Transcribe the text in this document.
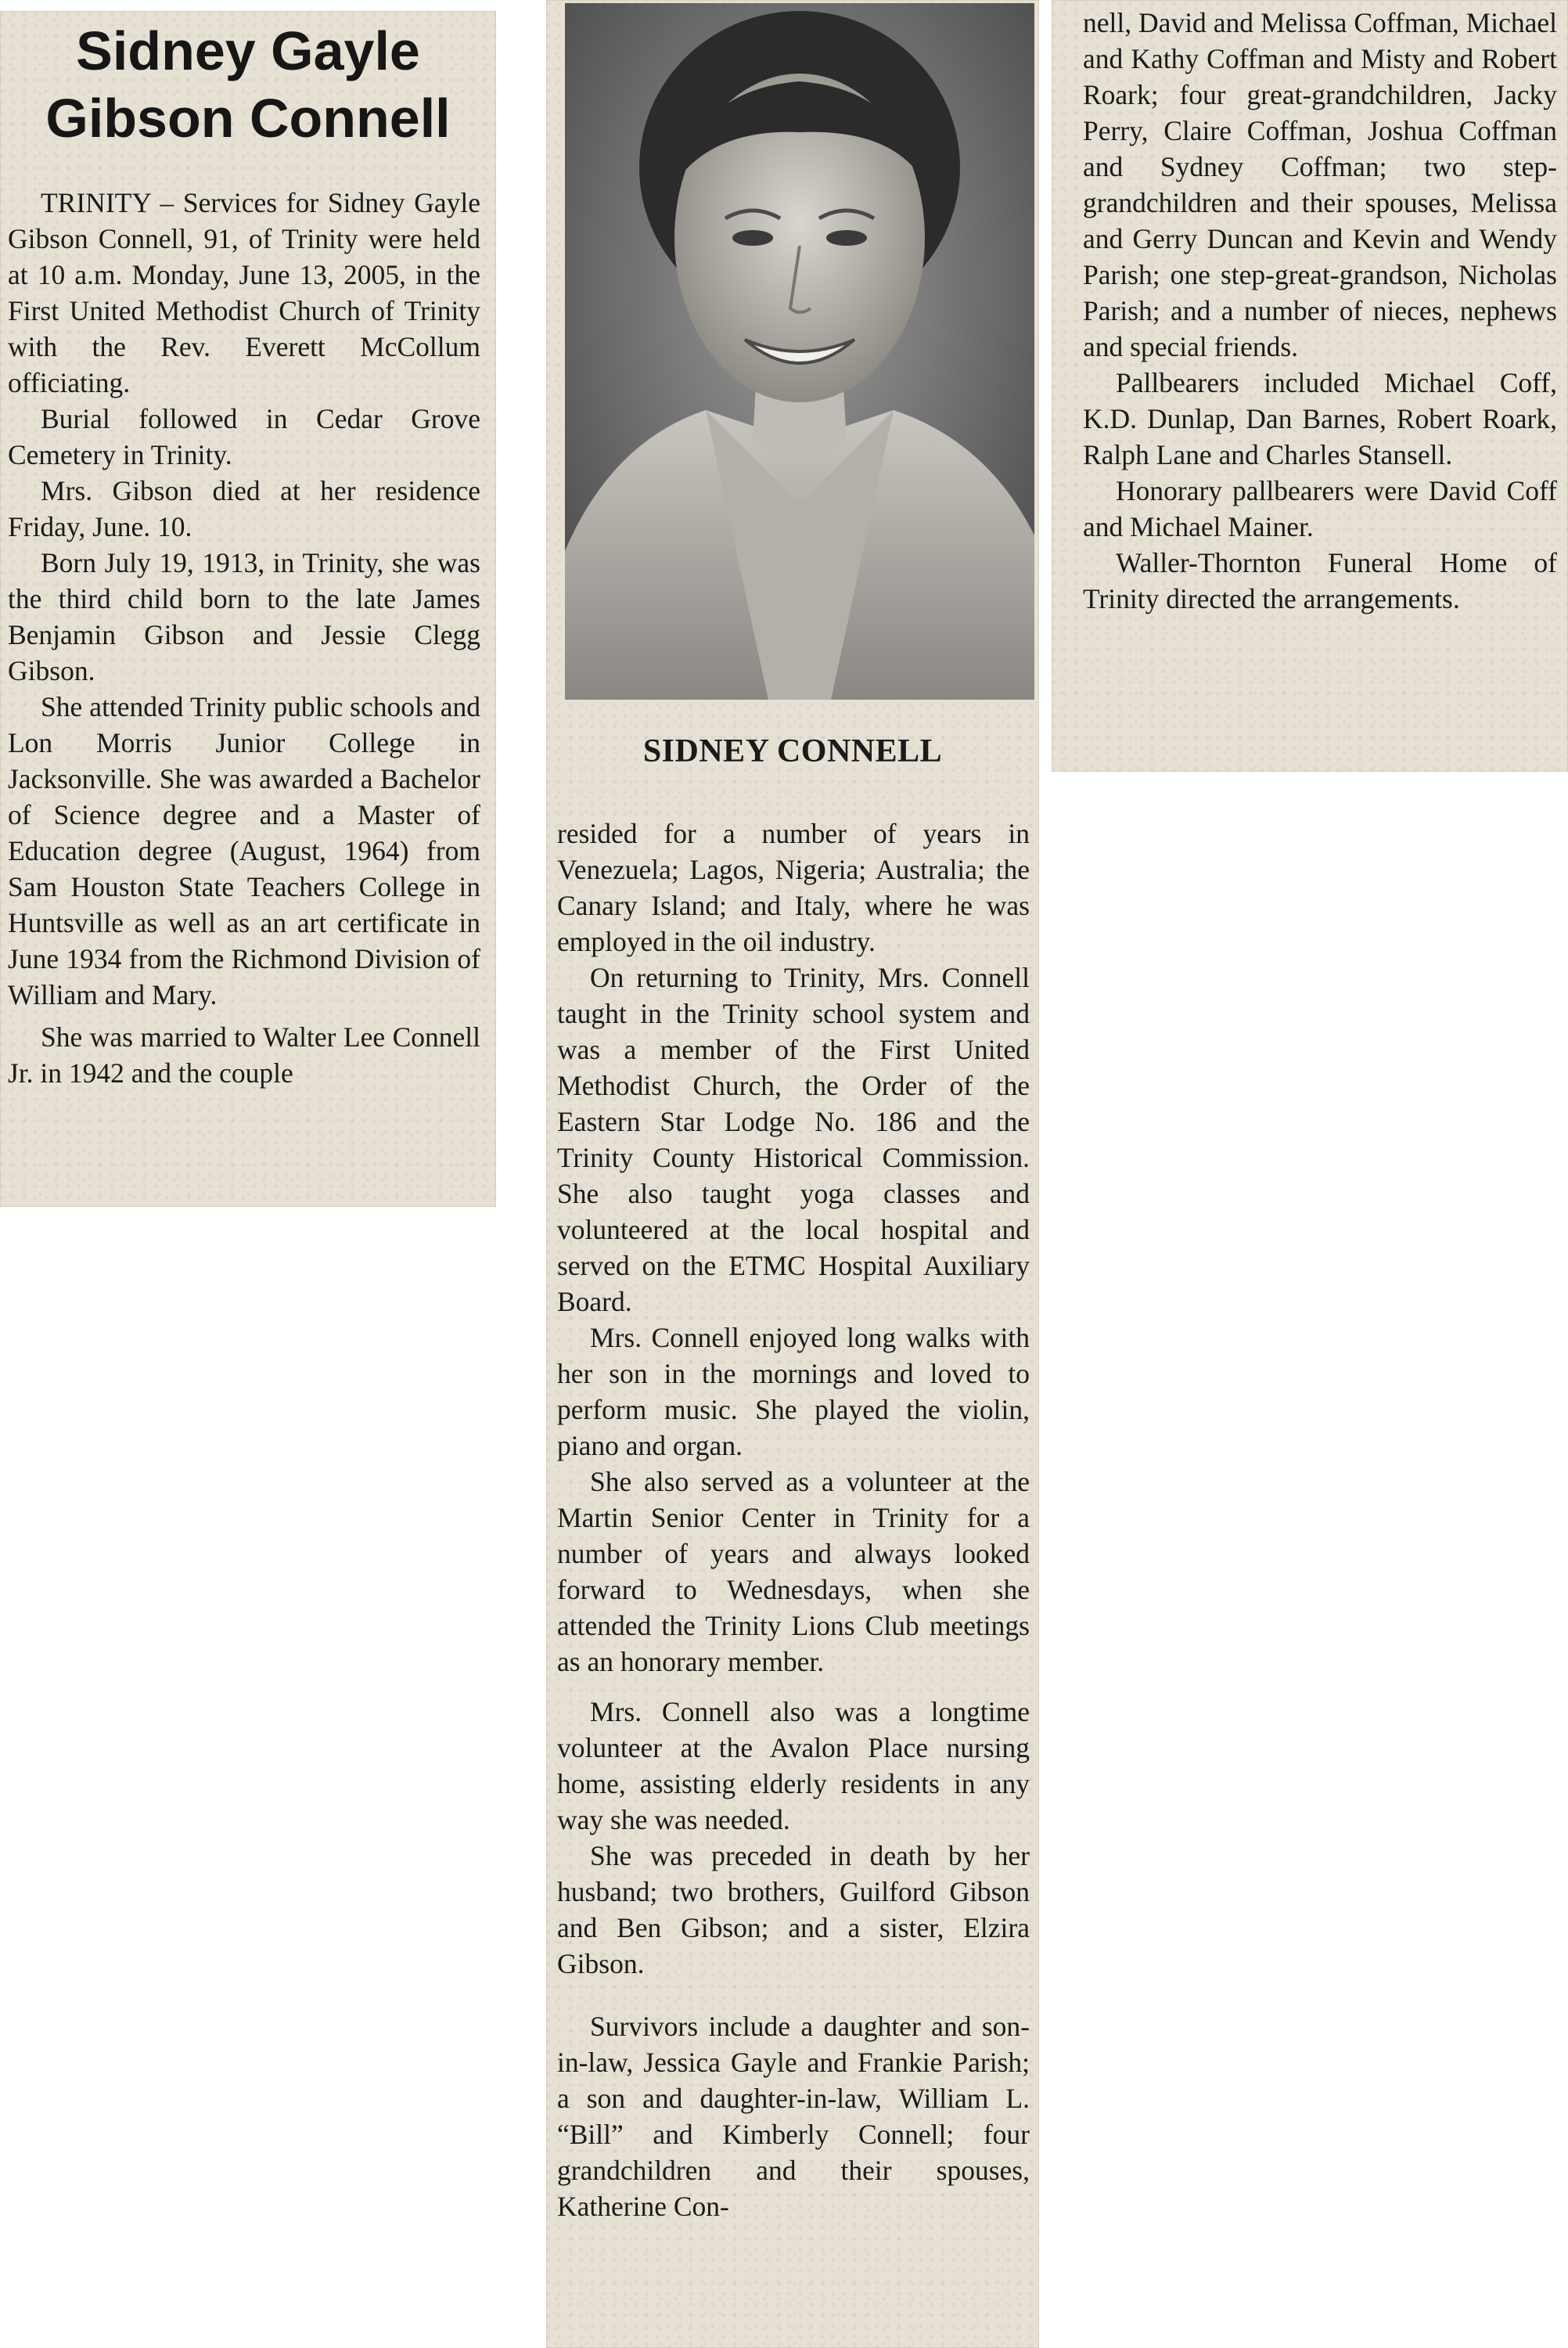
Sidney Gayle
Gibson Connell

TRINITY – Services for Sidney Gayle Gibson Connell, 91, of Trinity were held at 10 a.m. Monday, June 13, 2005, in the First United Methodist Church of Trinity with the Rev. Everett McCollum officiating.

Burial followed in Cedar Grove Cemetery in Trinity.

Mrs. Gibson died at her residence Friday, June. 10.

Born July 19, 1913, in Trinity, she was the third child born to the late James Benjamin Gibson and Jessie Clegg Gibson.

She attended Trinity public schools and Lon Morris Junior College in Jacksonville. She was awarded a Bachelor of Science degree and a Master of Education degree (August, 1964) from Sam Houston State Teachers College in Huntsville as well as an art certificate in June 1934 from the Richmond Division of William and Mary.

She was married to Walter Lee Connell Jr. in 1942 and the couple

SIDNEY CONNELL

resided for a number of years in Venezuela; Lagos, Nigeria; Australia; the Canary Island; and Italy, where he was employed in the oil industry.

On returning to Trinity, Mrs. Connell taught in the Trinity school system and was a member of the First United Methodist Church, the Order of the Eastern Star Lodge No. 186 and the Trinity County Historical Commission. She also taught yoga classes and volunteered at the local hospital and served on the ETMC Hospital Auxiliary Board.

Mrs. Connell enjoyed long walks with her son in the mornings and loved to perform music. She played the violin, piano and organ.

She also served as a volunteer at the Martin Senior Center in Trinity for a number of years and always looked forward to Wednesdays, when she attended the Trinity Lions Club meetings as an honorary member.

Mrs. Connell also was a longtime volunteer at the Avalon Place nursing home, assisting elderly residents in any way she was needed.

She was preceded in death by her husband; two brothers, Guilford Gibson and Ben Gibson; and a sister, Elzira Gibson.

Survivors include a daughter and son-in-law, Jessica Gayle and Frankie Parish; a son and daughter-in-law, William L. “Bill” and Kimberly Connell; four grandchildren and their spouses, Katherine Con-

nell, David and Melissa Coffman, Michael and Kathy Coffman and Misty and Robert Roark; four great-grandchildren, Jacky Perry, Claire Coffman, Joshua Coffman and Sydney Coffman; two step-grandchildren and their spouses, Melissa and Gerry Duncan and Kevin and Wendy Parish; one step-great-grandson, Nicholas Parish; and a number of nieces, nephews and special friends.

Pallbearers included Michael Coff, K.D. Dunlap, Dan Barnes, Robert Roark, Ralph Lane and Charles Stansell.

Honorary pallbearers were David Coff and Michael Mainer.

Waller-Thornton Funeral Home of Trinity directed the arrangements.
